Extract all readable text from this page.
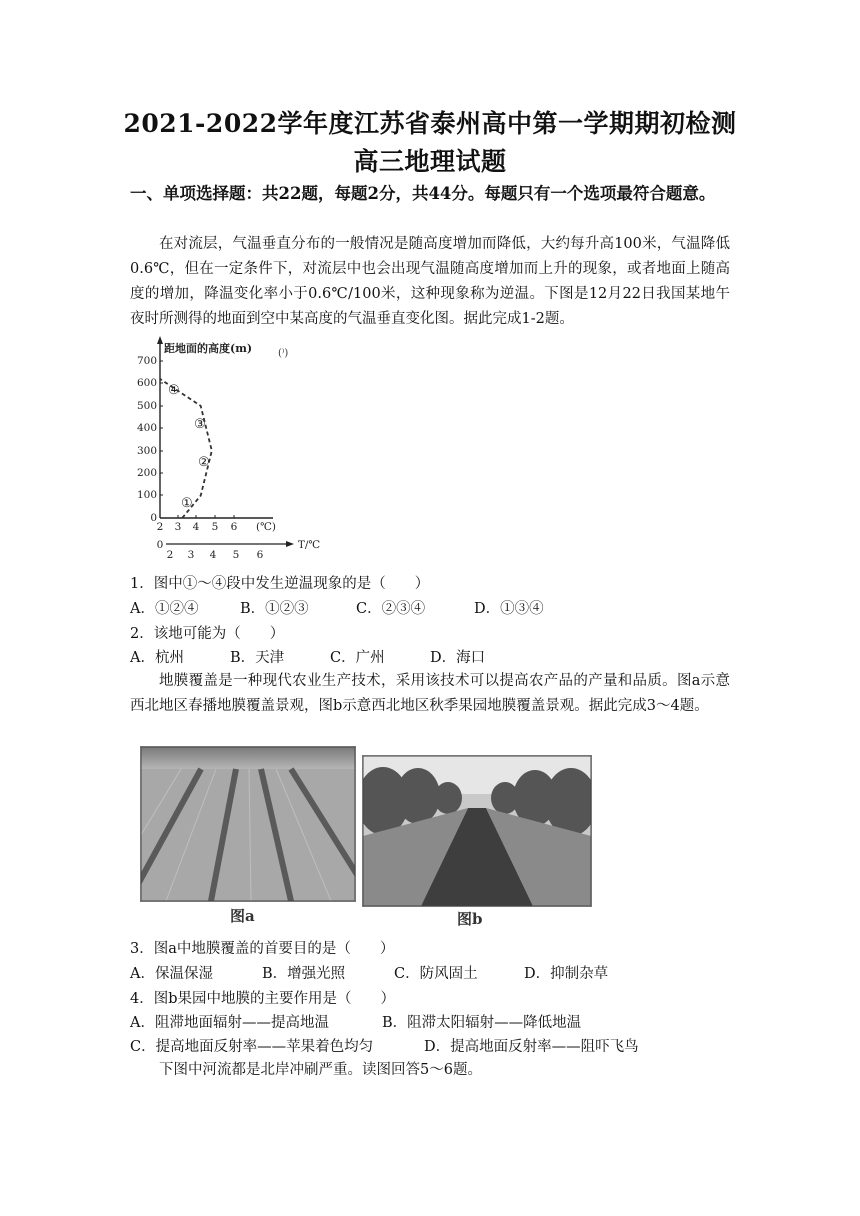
2021-2022学年度江苏省泰州高中第一学期期初检测
高三地理试题
一、单项选择题：共22题，每题2分，共44分。每题只有一个选项最符合题意。
在对流层，气温垂直分布的一般情况是随高度增加而降低，大约每升高100米，气温降低0.6℃，但在一定条件下，对流层中也会出现气温随高度增加而上升的现象，或者地面上随高度的增加，降温变化率小于0.6℃/100米，这种现象称为逆温。下图是12月22日我国某地午夜时所测得的地面到空中某高度的气温垂直变化图。据此完成1-2题。
距地面的高度(m)	(⁾)
700
600
500
400
300
200
100
0
2 3 4 5 6 (℃)
0
2 3 4 5 6
T/℃
①
②
③
④
1．图中①～④段中发生逆温现象的是（　　）
A．①②④	B．①②③	C．②③④	D．①③④
2．该地可能为（　　）
A．杭州	B．天津	C．广州	D．海口
地膜覆盖是一种现代农业生产技术，采用该技术可以提高农产品的产量和品质。图a示意西北地区春播地膜覆盖景观，图b示意西北地区秋季果园地膜覆盖景观。据此完成3～4题。
图a	图b
3．图a中地膜覆盖的首要目的是（　　）
A．保温保湿	B．增强光照	C．防风固土	D．抑制杂草
4．图b果园中地膜的主要作用是（　　）
A．阻滞地面辐射——提高地温	B．阻滞太阳辐射——降低地温
C．提高地面反射率——苹果着色均匀	D．提高地面反射率——阻吓飞鸟
下图中河流都是北岸冲刷严重。读图回答5～6题。
